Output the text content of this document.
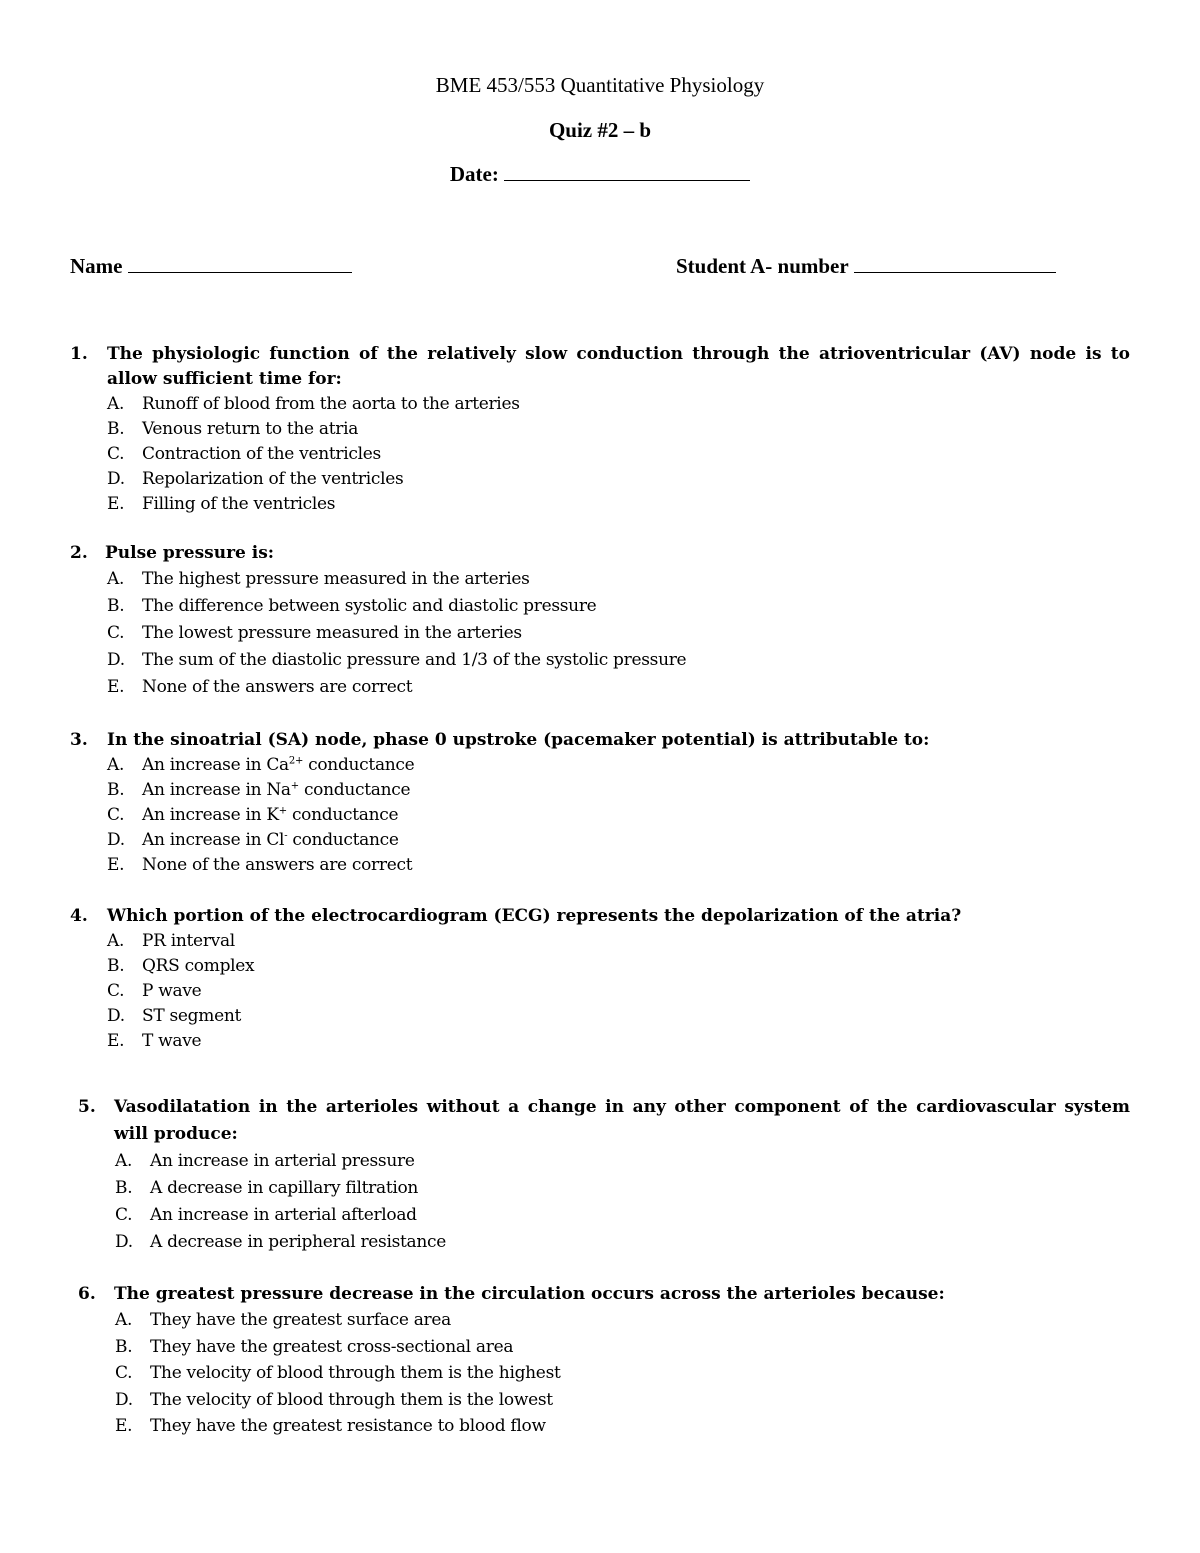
BME 453/553 Quantitative Physiology
Quiz #2 – b
Date:
Name	Student A- number
1. The physiologic function of the relatively slow conduction through the atrioventricular (AV) node is to allow sufficient time for:
A. Runoff of blood from the aorta to the arteries
B. Venous return to the atria
C. Contraction of the ventricles
D. Repolarization of the ventricles
E. Filling of the ventricles
2. Pulse pressure is:
A. The highest pressure measured in the arteries
B. The difference between systolic and diastolic pressure
C. The lowest pressure measured in the arteries
D. The sum of the diastolic pressure and 1/3 of the systolic pressure
E. None of the answers are correct
3. In the sinoatrial (SA) node, phase 0 upstroke (pacemaker potential) is attributable to:
A. An increase in $Ca^{2+}$ conductance
B. An increase in Na+ conductance
C. An increase in K+ conductance
D. An increase in Cl- conductance
E. None of the answers are correct
4. Which portion of the electrocardiogram (ECG) represents the depolarization of the atria?
A. PR interval
B. QRS complex
C. P wave
D. ST segment
E. T wave
5. Vasodilatation in the arterioles without a change in any other component of the cardiovascular system will produce:
A. An increase in arterial pressure
B. A decrease in capillary filtration
C. An increase in arterial afterload
D. A decrease in peripheral resistance
6. The greatest pressure decrease in the circulation occurs across the arterioles because:
A. They have the greatest surface area
B. They have the greatest cross-sectional area
C. The velocity of blood through them is the highest
D. The velocity of blood through them is the lowest
E. They have the greatest resistance to blood flow
